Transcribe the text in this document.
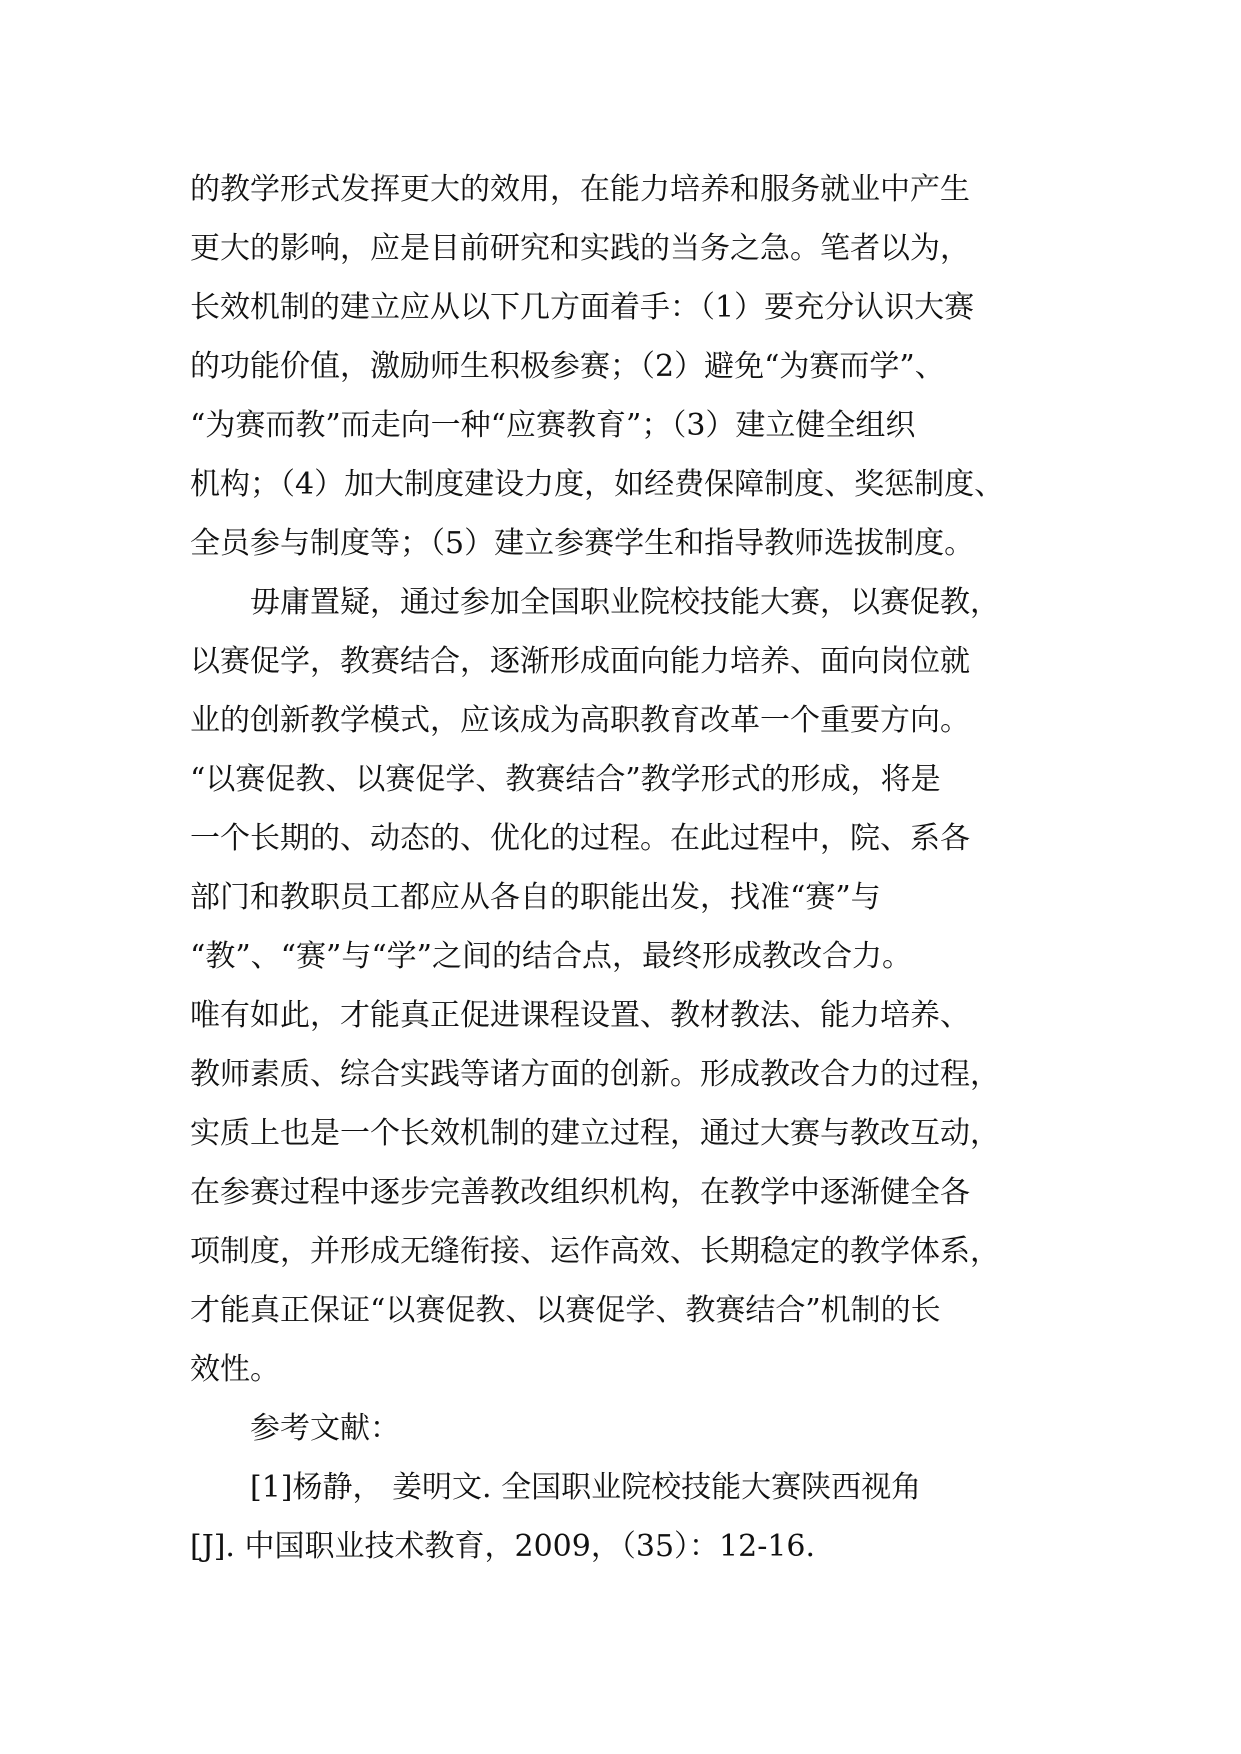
的教学形式发挥更大的效用，在能力培养和服务就业中产生
更大的影响，应是目前研究和实践的当务之急。笔者以为，
长效机制的建立应从以下几方面着手：（1）要充分认识大赛
的功能价值，激励师生积极参赛；（2）避免“为赛而学”、
“为赛而教”而走向一种“应赛教育”；（3）建立健全组织
机构；（4）加大制度建设力度，如经费保障制度、奖惩制度、
全员参与制度等；（5）建立参赛学生和指导教师选拔制度。
毋庸置疑，通过参加全国职业院校技能大赛，以赛促教，
以赛促学，教赛结合，逐渐形成面向能力培养、面向岗位就
业的创新教学模式，应该成为高职教育改革一个重要方向。
“以赛促教、以赛促学、教赛结合”教学形式的形成，将是
一个长期的、动态的、优化的过程。在此过程中，院、系各
部门和教职员工都应从各自的职能出发，找准“赛”与
“教”、“赛”与“学”之间的结合点，最终形成教改合力。
唯有如此，才能真正促进课程设置、教材教法、能力培养、
教师素质、综合实践等诸方面的创新。形成教改合力的过程，
实质上也是一个长效机制的建立过程，通过大赛与教改互动，
在参赛过程中逐步完善教改组织机构，在教学中逐渐健全各
项制度，并形成无缝衔接、运作高效、长期稳定的教学体系，
才能真正保证“以赛促教、以赛促学、教赛结合”机制的长
效性。
参考文献：
[1]杨静， 姜明文. 全国职业院校技能大赛陕西视角
[J]. 中国职业技术教育，2009，（35）：12-16.
